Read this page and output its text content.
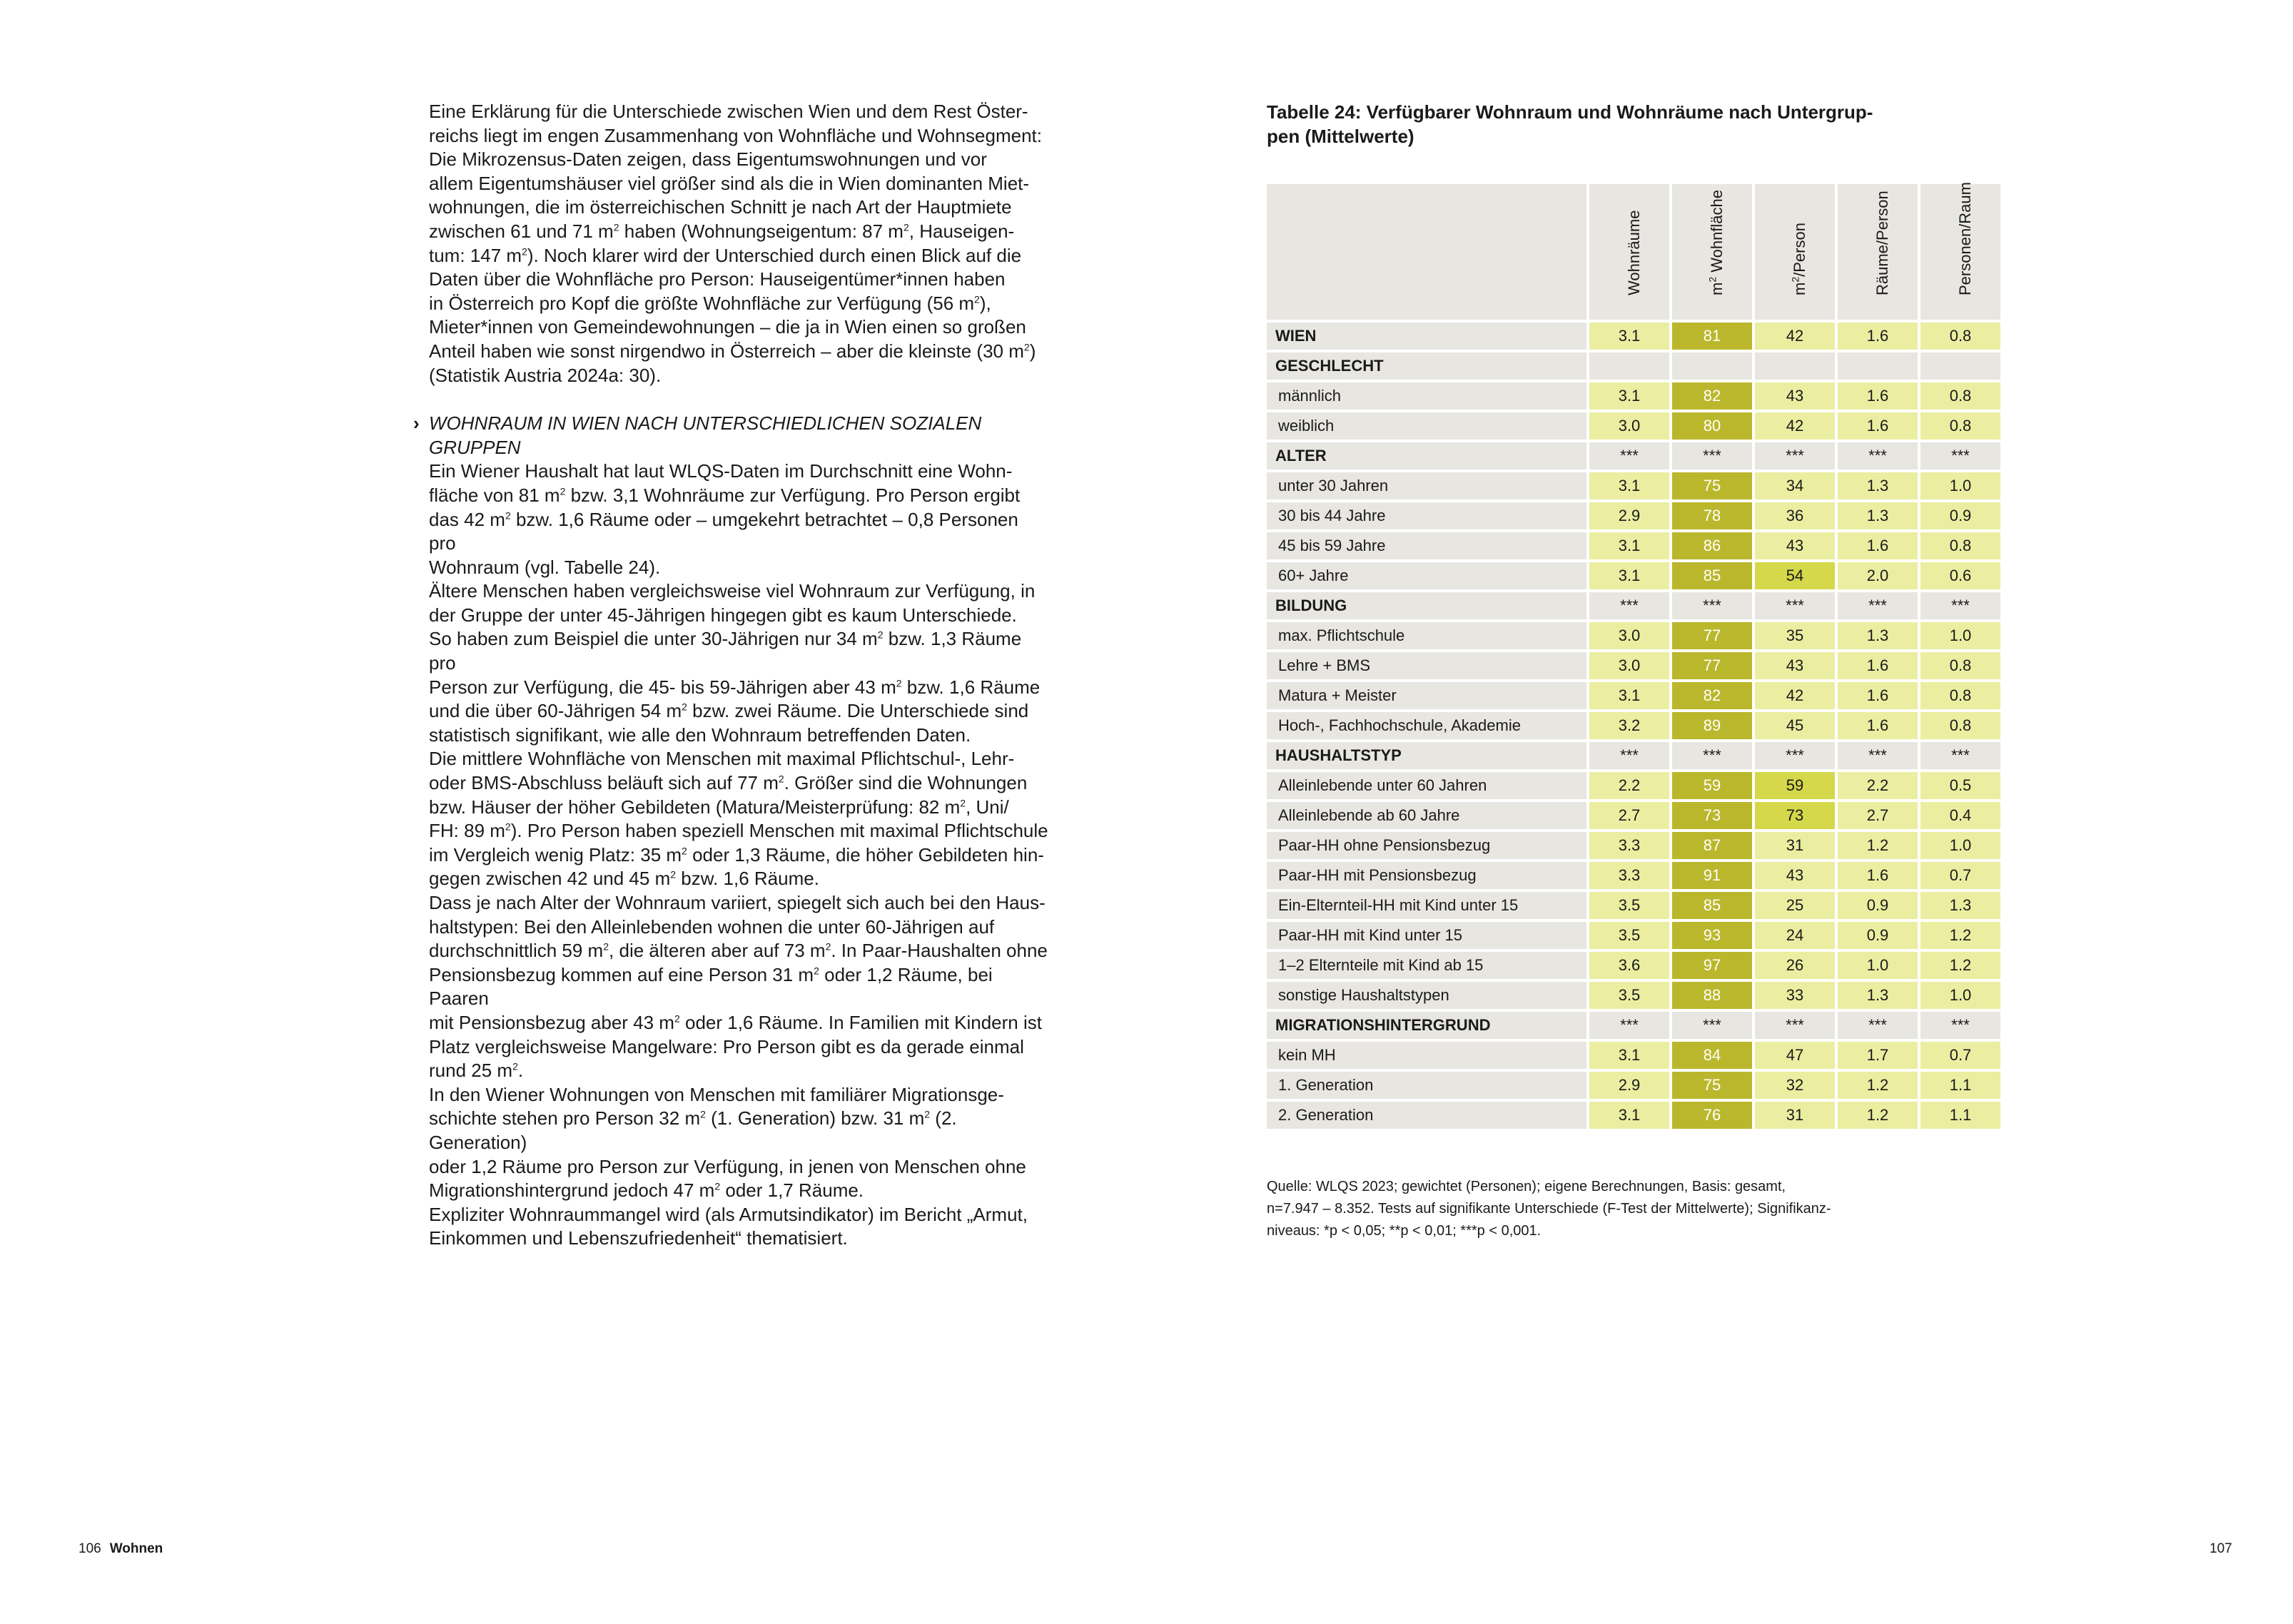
Eine Erklärung für die Unterschiede zwischen Wien und dem Rest Öster-
reichs liegt im engen Zusammenhang von Wohnfläche und Wohnsegment:
Die Mikrozensus-Daten zeigen, dass Eigentumswohnungen und vor
allem Eigentumshäuser viel größer sind als die in Wien dominanten Miet-
wohnungen, die im österreichischen Schnitt je nach Art der Hauptmiete
zwischen 61 und 71 $m^2$ haben (Wohnungseigentum: 87 $m^2$, Hauseigen-
tum: 147 $m^2$). Noch klarer wird der Unterschied durch einen Blick auf die
Daten über die Wohnfläche pro Person: Hauseigentümer*innen haben
in Österreich pro Kopf die größte Wohnfläche zur Verfügung (56 $m^2$),
Mieter*innen von Gemeindewohnungen – die ja in Wien einen so großen
Anteil haben wie sonst nirgendwo in Österreich – aber die kleinste (30 $m^2$)
(Statistik Austria 2024a: 30).

› WOHNRAUM IN WIEN NACH UNTERSCHIEDLICHEN SOZIALEN GRUPPEN

Ein Wiener Haushalt hat laut WLQS-Daten im Durchschnitt eine Wohn-
fläche von 81 $m^2$ bzw. 3,1 Wohnräume zur Verfügung. Pro Person ergibt
das 42 $m^2$ bzw. 1,6 Räume oder – umgekehrt betrachtet – 0,8 Personen pro
Wohnraum (vgl. Tabelle 24).

Ältere Menschen haben vergleichsweise viel Wohnraum zur Verfügung, in
der Gruppe der unter 45-Jährigen hingegen gibt es kaum Unterschiede.
So haben zum Beispiel die unter 30-Jährigen nur 34 $m^2$ bzw. 1,3 Räume pro
Person zur Verfügung, die 45- bis 59-Jährigen aber 43 $m^2$ bzw. 1,6 Räume
und die über 60-Jährigen 54 $m^2$ bzw. zwei Räume. Die Unterschiede sind
statistisch signifikant, wie alle den Wohnraum betreffenden Daten.

Die mittlere Wohnfläche von Menschen mit maximal Pflichtschul-, Lehr-
oder BMS-Abschluss beläuft sich auf 77 $m^2$. Größer sind die Wohnungen
bzw. Häuser der höher Gebildeten (Matura/Meisterprüfung: 82 $m^2$, Uni/
FH: 89 $m^2$). Pro Person haben speziell Menschen mit maximal Pflichtschule
im Vergleich wenig Platz: 35 $m^2$ oder 1,3 Räume, die höher Gebildeten hin-
gegen zwischen 42 und 45 $m^2$ bzw. 1,6 Räume.

Dass je nach Alter der Wohnraum variiert, spiegelt sich auch bei den Haus-
haltstypen: Bei den Alleinlebenden wohnen die unter 60-Jährigen auf
durchschnittlich 59 $m^2$, die älteren aber auf 73 $m^2$. In Paar-Haushalten ohne
Pensionsbezug kommen auf eine Person 31 $m^2$ oder 1,2 Räume, bei Paaren
mit Pensionsbezug aber 43 $m^2$ oder 1,6 Räume. In Familien mit Kindern ist
Platz vergleichsweise Mangelware: Pro Person gibt es da gerade einmal
rund 25 $m^2$.

In den Wiener Wohnungen von Menschen mit familiärer Migrationsge-
schichte stehen pro Person 32 $m^2$ (1. Generation) bzw. 31 $m^2$ (2. Generation)
oder 1,2 Räume pro Person zur Verfügung, in jenen von Menschen ohne
Migrationshintergrund jedoch 47 $m^2$ oder 1,7 Räume.

Expliziter Wohnraummangel wird (als Armutsindikator) im Bericht „Armut,
Einkommen und Lebenszufriedenheit“ thematisiert.

106 Wohnen
Tabelle 24: Verfügbarer Wohnraum und Wohnräume nach Untergrup-
pen (Mittelwerte)

	Wohnräume	$m^2$ Wohnfläche	$m^2$/Person	Räume/Person	Personen/Raum

WIEN	3.1	81	42	1.6	0.8
GESCHLECHT					
männlich	3.1	82	43	1.6	0.8
weiblich	3.0	80	42	1.6	0.8
ALTER	***	***	***	***	***
unter 30 Jahren	3.1	75	34	1.3	1.0
30 bis 44 Jahre	2.9	78	36	1.3	0.9
45 bis 59 Jahre	3.1	86	43	1.6	0.8
60+ Jahre	3.1	85	54	2.0	0.6
BILDUNG	***	***	***	***	***
max. Pflichtschule	3.0	77	35	1.3	1.0
Lehre + BMS	3.0	77	43	1.6	0.8
Matura + Meister	3.1	82	42	1.6	0.8
Hoch-, Fachhochschule, Akademie	3.2	89	45	1.6	0.8
HAUSHALTSTYP	***	***	***	***	***
Alleinlebende unter 60 Jahren	2.2	59	59	2.2	0.5
Alleinlebende ab 60 Jahre	2.7	73	73	2.7	0.4
Paar-HH ohne Pensionsbezug	3.3	87	31	1.2	1.0
Paar-HH mit Pensionsbezug	3.3	91	43	1.6	0.7
Ein-Elternteil-HH mit Kind unter 15	3.5	85	25	0.9	1.3
Paar-HH mit Kind unter 15	3.5	93	24	0.9	1.2
1–2 Elternteile mit Kind ab 15	3.6	97	26	1.0	1.2
sonstige Haushaltstypen	3.5	88	33	1.3	1.0
MIGRATIONSHINTERGRUND	***	***	***	***	***
kein MH	3.1	84	47	1.7	0.7
1. Generation	2.9	75	32	1.2	1.1
2. Generation	3.1	76	31	1.2	1.1
Quelle: WLQS 2023; gewichtet (Personen); eigene Berechnungen, Basis: gesamt,
n=7.947 – 8.352. Tests auf signifikante Unterschiede (F-Test der Mittelwerte); Signifikanz-
niveaus: *p < 0,05; **p < 0,01; ***p < 0,001.
107
